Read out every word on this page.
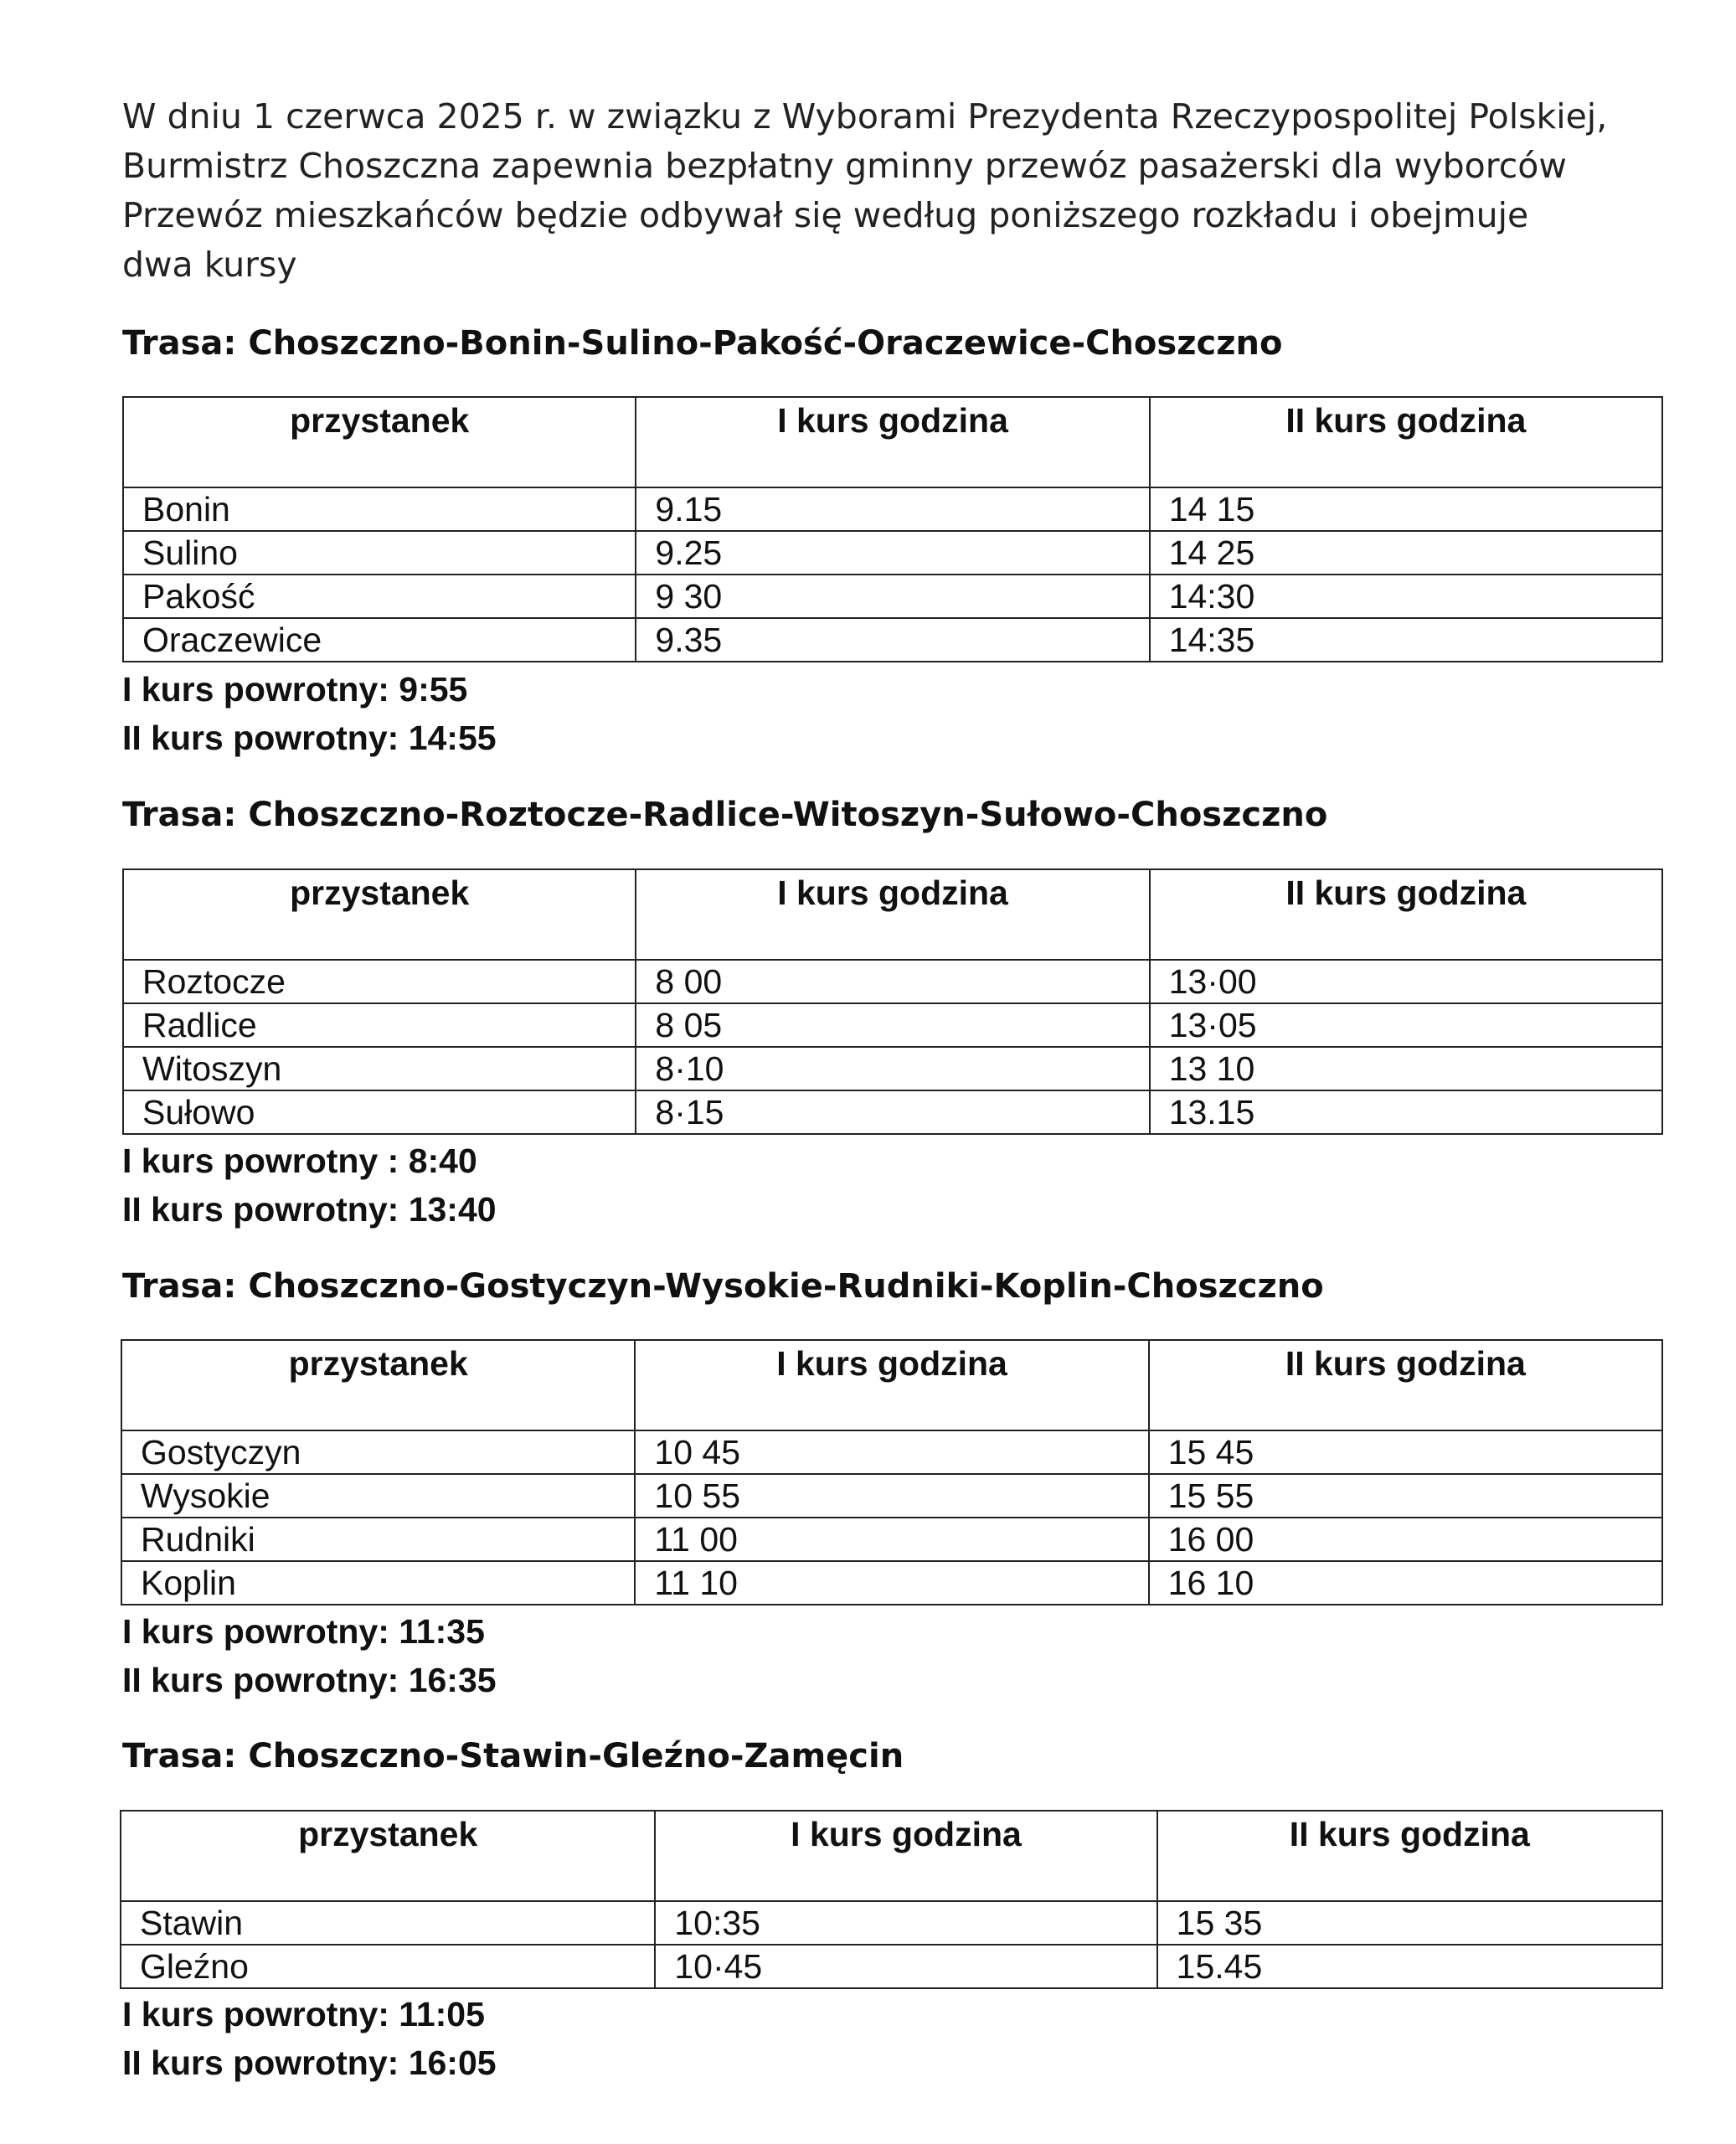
W dniu 1 czerwca 2025 r. w związku z Wyborami Prezydenta Rzeczypospolitej Polskiej,

Burmistrz Choszczna zapewnia bezpłatny gminny przewóz pasażerski dla wyborców

Przewóz mieszkańców będzie odbywał się według poniższego rozkładu i obejmuje

dwa kursy

Trasa: Choszczno-Bonin-Sulino-Pakość-Oraczewice-Choszczno
przystanek	I kurs godzina	II kurs godzina
Bonin	9.15	14 15
Sulino	9.25	14 25
Pakość	9 30	14:30
Oraczewice	9.35	14:35

I kurs powrotny: 9:55

II kurs powrotny: 14:55

Trasa: Choszczno-Roztocze-Radlice-Witoszyn-Sułowo-Choszczno
przystanek	I kurs godzina	II kurs godzina
Roztocze	8 00	13·00
Radlice	8 05	13·05
Witoszyn	8·10	13 10
Sułowo	8·15	13.15

I kurs powrotny : 8:40

II kurs powrotny: 13:40

Trasa: Choszczno-Gostyczyn-Wysokie-Rudniki-Koplin-Choszczno
przystanek	I kurs godzina	II kurs godzina
Gostyczyn	10 45	15 45
Wysokie	10 55	15 55
Rudniki	11 00	16 00
Koplin	11 10	16 10

I kurs powrotny: 11:35

II kurs powrotny: 16:35

Trasa: Choszczno-Stawin-Gleźno-Zamęcin
przystanek	I kurs godzina	II kurs godzina
Stawin	10:35	15 35
Gleźno	10·45	15.45

I kurs powrotny: 11:05

II kurs powrotny: 16:05
